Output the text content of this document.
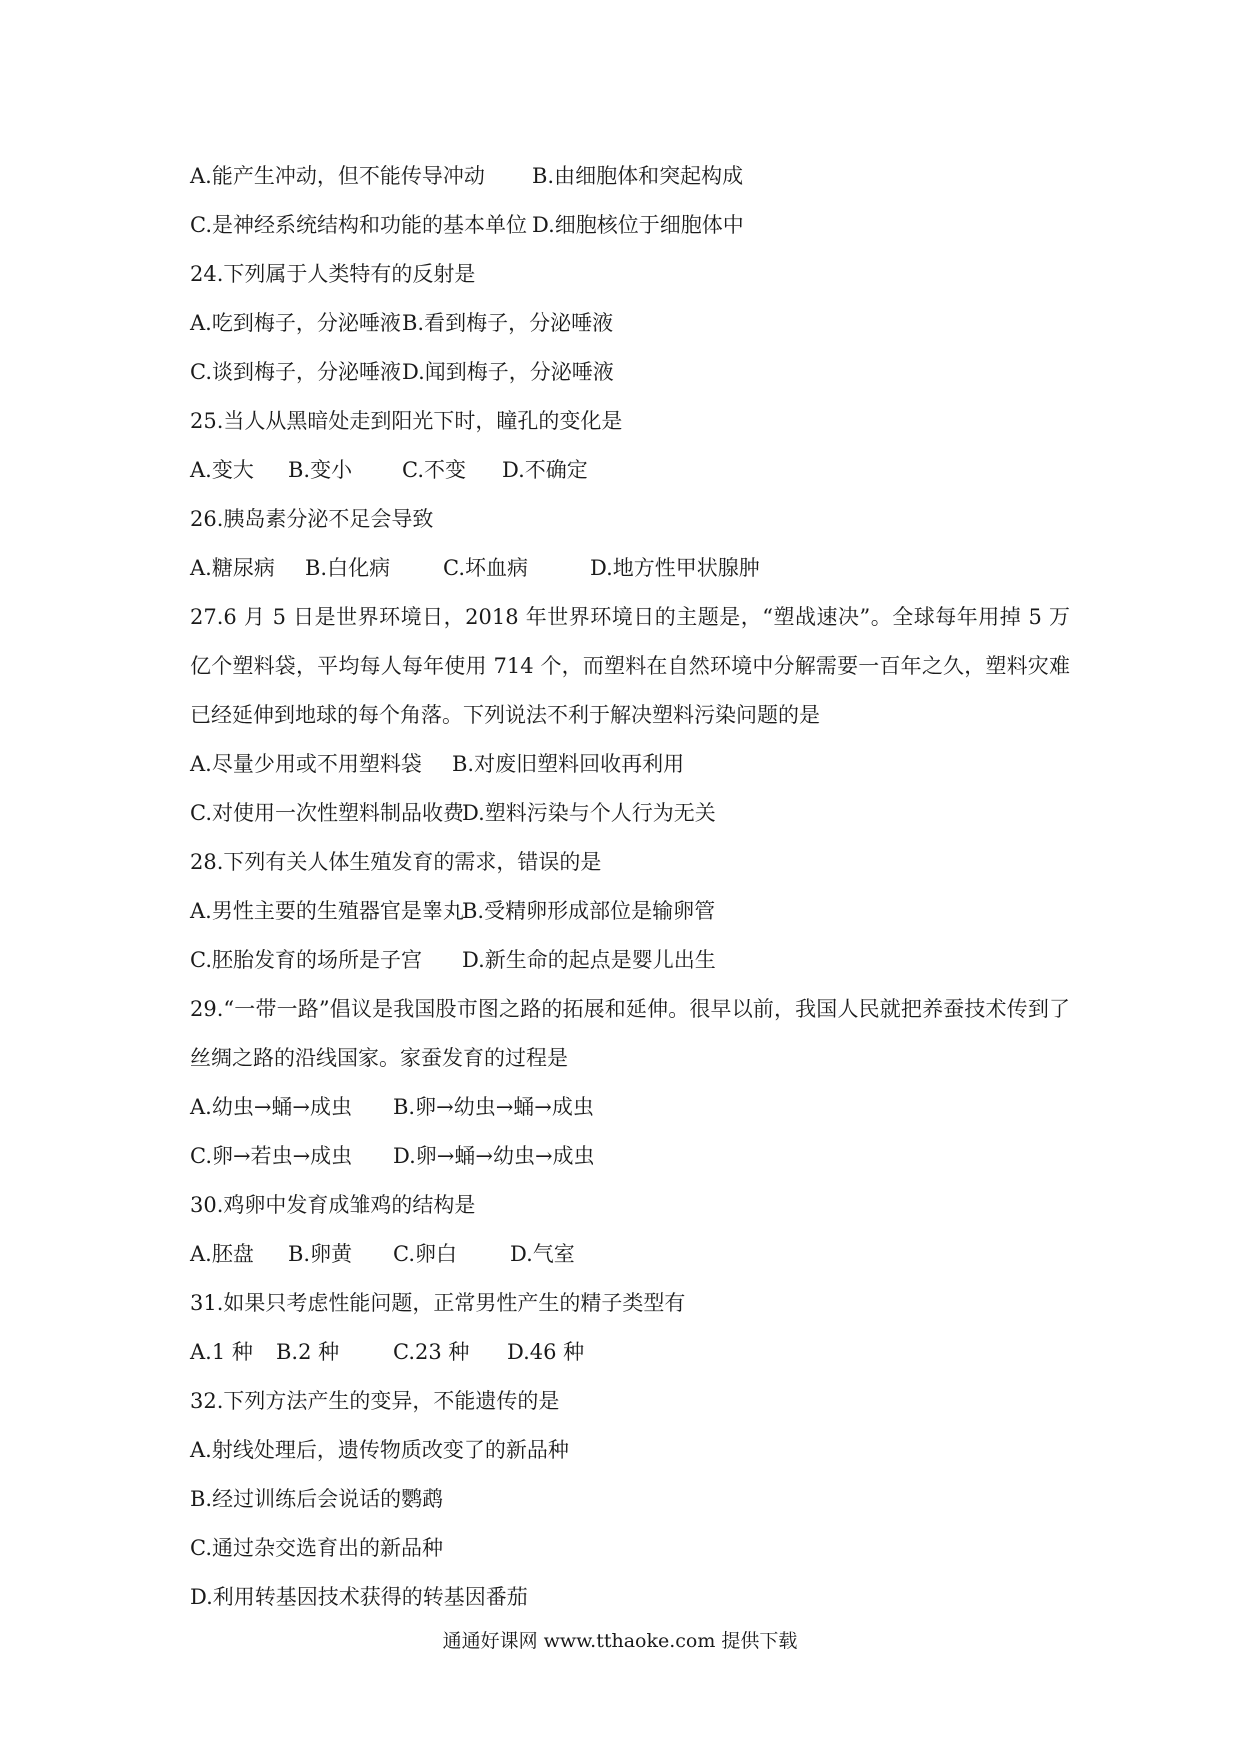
A.能产生冲动，但不能传导冲动 B.由细胞体和突起构成
C.是神经系统结构和功能的基本单位 D.细胞核位于细胞体中
24.下列属于人类特有的反射是
A.吃到梅子，分泌唾液 B.看到梅子，分泌唾液
C.谈到梅子，分泌唾液 D.闻到梅子，分泌唾液
25.当人从黑暗处走到阳光下时，瞳孔的变化是
A.变大 B.变小 C.不变 D.不确定
26.胰岛素分泌不足会导致
A.糖尿病 B.白化病	C.坏血病	D.地方性甲状腺肿
27.6 月 5 日是世界环境日，2018 年世界环境日的主题是，“塑战速决”。全球每年用掉 5 万亿个塑料袋，平均每人每年使用 714 个，而塑料在自然环境中分解需要一百年之久，塑料灾难已经延伸到地球的每个角落。下列说法不利于解决塑料污染问题的是
A.尽量少用或不用塑料袋 B.对废旧塑料回收再利用
C.对使用一次性塑料制品收费
D.塑料污染与个人行为无关
28.下列有关人体生殖发育的需求，错误的是
A.男性主要的生殖器官是睾丸
B.受精卵形成部位是输卵管
C.胚胎发育的场所是子宫 D.新生命的起点是婴儿出生
29.“一带一路”倡议是我国股市图之路的拓展和延伸。很早以前，我国人民就把养蚕技术传到了丝绸之路的沿线国家。家蚕发育的过程是
A.幼虫→蛹→成虫 B.卵→幼虫→蛹→成虫
C.卵→若虫→成虫 D.卵→蛹→幼虫→成虫
30.鸡卵中发育成雏鸡的结构是
A.胚盘 B.卵黄 C.卵白	D.气室
31.如果只考虑性能问题，正常男性产生的精子类型有
A.1 种 B.2 种	C.23 种 D.46 种
32.下列方法产生的变异，不能遗传的是
A.射线处理后，遗传物质改变了的新品种
B.经过训练后会说话的鹦鹉
C.通过杂交选育出的新品种
D.利用转基因技术获得的转基因番茄
通通好课网 www.tthaoke.com 提供下载
